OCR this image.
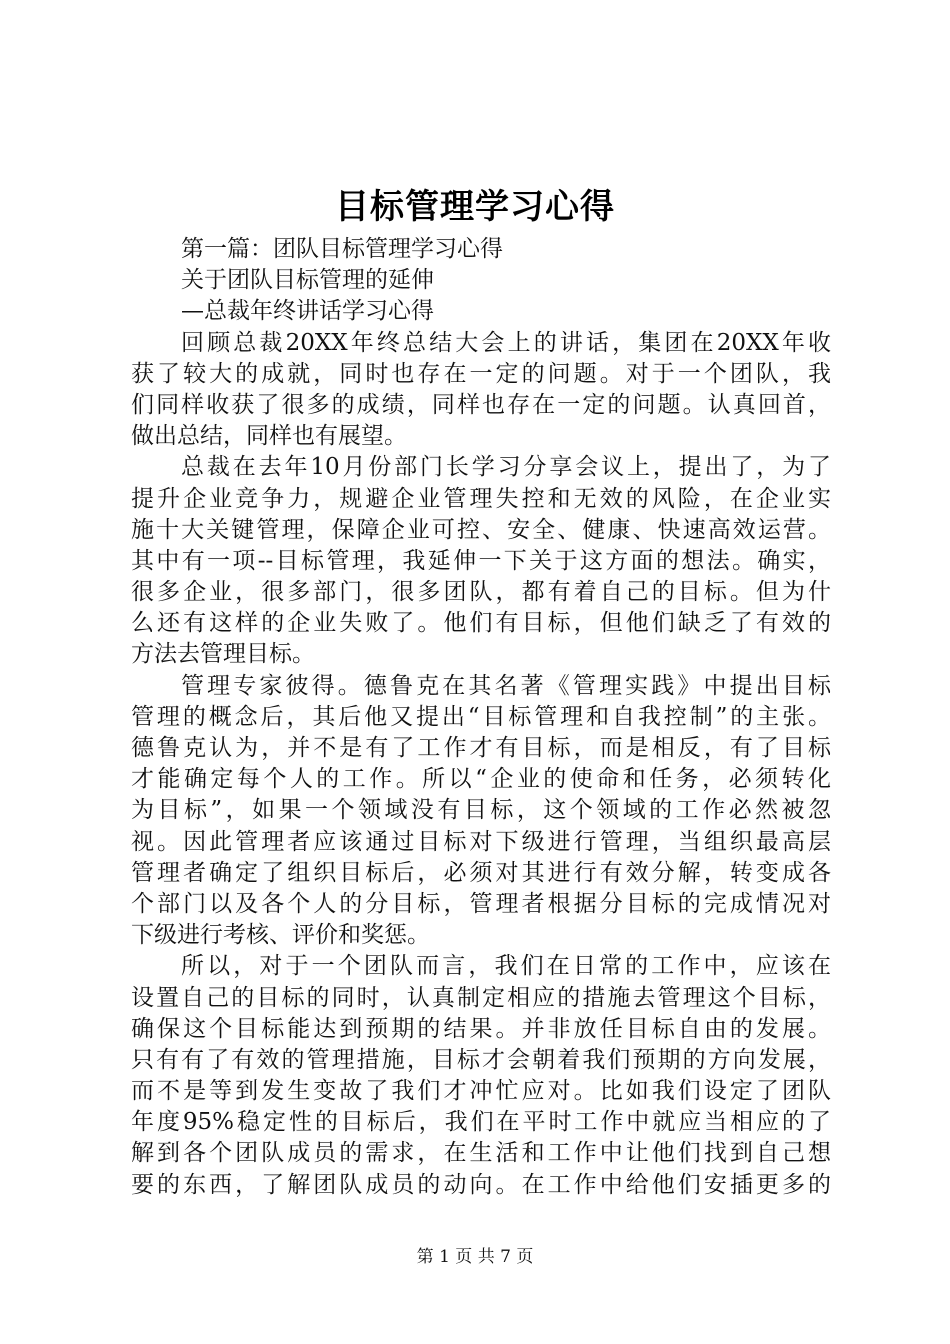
目标管理学习心得
第一篇：团队目标管理学习心得
关于团队目标管理的延伸
—总裁年终讲话学习心得
回顾总裁20XX年终总结大会上的讲话，集团在20XX年收
获了较大的成就，同时也存在一定的问题。对于一个团队，我
们同样收获了很多的成绩，同样也存在一定的问题。认真回首，
做出总结，同样也有展望。
总裁在去年10月份部门长学习分享会议上，提出了，为了
提升企业竞争力，规避企业管理失控和无效的风险，在企业实
施十大关键管理，保障企业可控、安全、健康、快速高效运营。
其中有一项--目标管理，我延伸一下关于这方面的想法。确实，
很多企业，很多部门，很多团队，都有着自己的目标。但为什
么还有这样的企业失败了。他们有目标，但他们缺乏了有效的
方法去管理目标。
管理专家彼得。德鲁克在其名著《管理实践》中提出目标
管理的概念后，其后他又提出“目标管理和自我控制”的主张。
德鲁克认为，并不是有了工作才有目标，而是相反，有了目标
才能确定每个人的工作。所以“企业的使命和任务，必须转化
为目标”，如果一个领域没有目标，这个领域的工作必然被忽
视。因此管理者应该通过目标对下级进行管理，当组织最高层
管理者确定了组织目标后，必须对其进行有效分解，转变成各
个部门以及各个人的分目标，管理者根据分目标的完成情况对
下级进行考核、评价和奖惩。
所以，对于一个团队而言，我们在日常的工作中，应该在
设置自己的目标的同时，认真制定相应的措施去管理这个目标，
确保这个目标能达到预期的结果。并非放任目标自由的发展。
只有有了有效的管理措施，目标才会朝着我们预期的方向发展，
而不是等到发生变故了我们才冲忙应对。比如我们设定了团队
年度95%稳定性的目标后，我们在平时工作中就应当相应的了
解到各个团队成员的需求，在生活和工作中让他们找到自己想
要的东西，了解团队成员的动向。在工作中给他们安插更多的
第 1 页 共 7 页
